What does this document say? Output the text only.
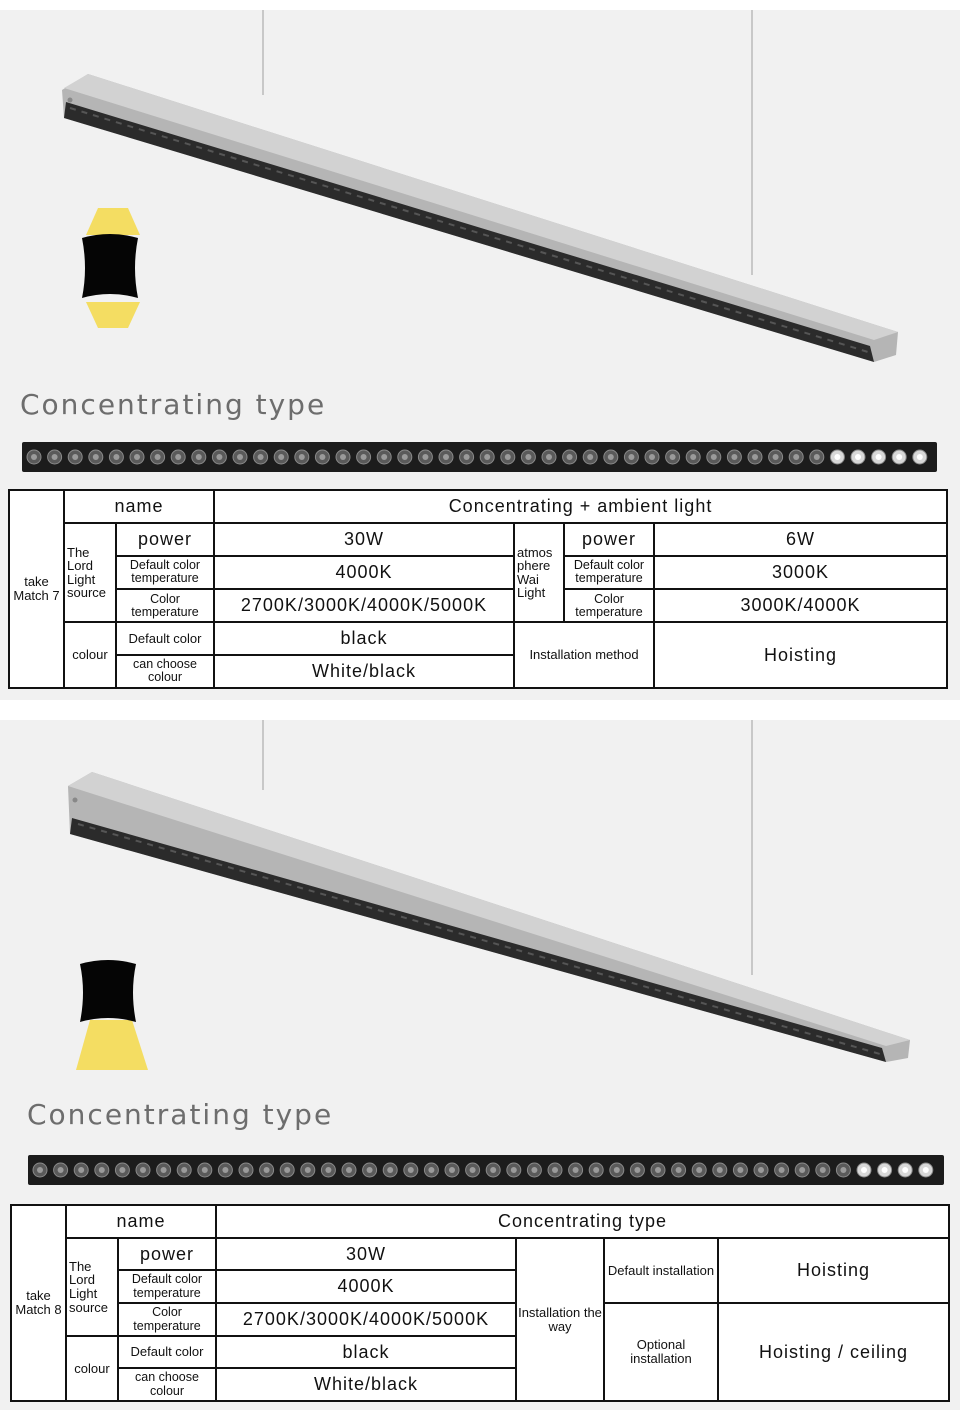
Concentrating type
take Match 7	name		Concentrating + ambient light			
	The Lord Light source	power	30W	atmos phere Wai Light	power	6W
		Default color temperature	4000K		Default color temperature	3000K
		Color temperature	2700K/3000K/4000K/5000K		Color temperature	3000K/4000K
	colour	Default color	black	Installation method		Hoisting
		can choose colour	White/black			
Concentrating type
take Match 8	name		Concentrating type			
	The Lord Light source	power	30W	Installation the way	Default installation	Hoisting
		Default color temperature	4000K			
		Color temperature	2700K/3000K/4000K/5000K		Optional installation	Hoisting / ceiling
	colour	Default color	black			
		can choose colour	White/black			
